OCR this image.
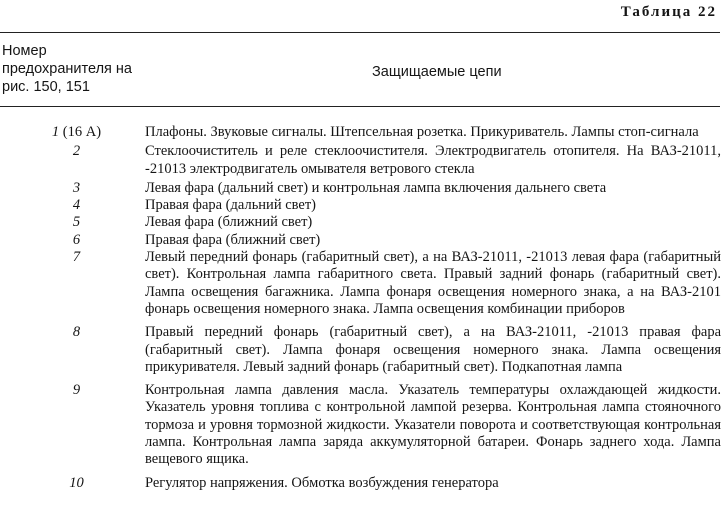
Таблица 22
Номер предохранителя на рис. 150, 151
Защищаемые цепи
1 (16 А)	Плафоны. Звуковые сигналы. Штепсельная розетка. Прикуриватель. Лампы стоп-сигнала
2	Стеклоочиститель и реле стеклоочистителя. Электродвигатель отопителя. На ВАЗ-21011, -21013 электродвигатель омывателя ветрового стекла
3	Левая фара (дальний свет) и контрольная лампа включения дальнего света
4	Правая фара (дальний свет)
5	Левая фара (ближний свет)
6	Правая фара (ближний свет)
7	Левый передний фонарь (габаритный свет), а на ВАЗ-21011, -21013 левая фара (габаритный свет). Контрольная лампа габаритного света. Правый задний фонарь (габаритный свет). Лампа освещения багажника. Лампа фонаря освещения номерного знака, а на ВАЗ-2101 фонарь освещения номерного знака. Лампа освещения комбинации приборов
8	Правый передний фонарь (габаритный свет), а на ВАЗ-21011, -21013 правая фара (габаритный свет). Лампа фонаря освещения номерного знака. Лампа освещения прикуривателя. Левый задний фонарь (габаритный свет). Подкапотная лампа
9	Контрольная лампа давления масла. Указатель температуры охлаждающей жидкости. Указатель уровня топлива с контрольной лампой резерва. Контрольная лампа стояночного тормоза и уровня тормозной жидкости. Указатели поворота и соответствующая контрольная лампа. Контрольная лампа заряда аккумуляторной батареи. Фонарь заднего хода. Лампа вещевого ящика.
10	Регулятор напряжения. Обмотка возбуждения генератора
